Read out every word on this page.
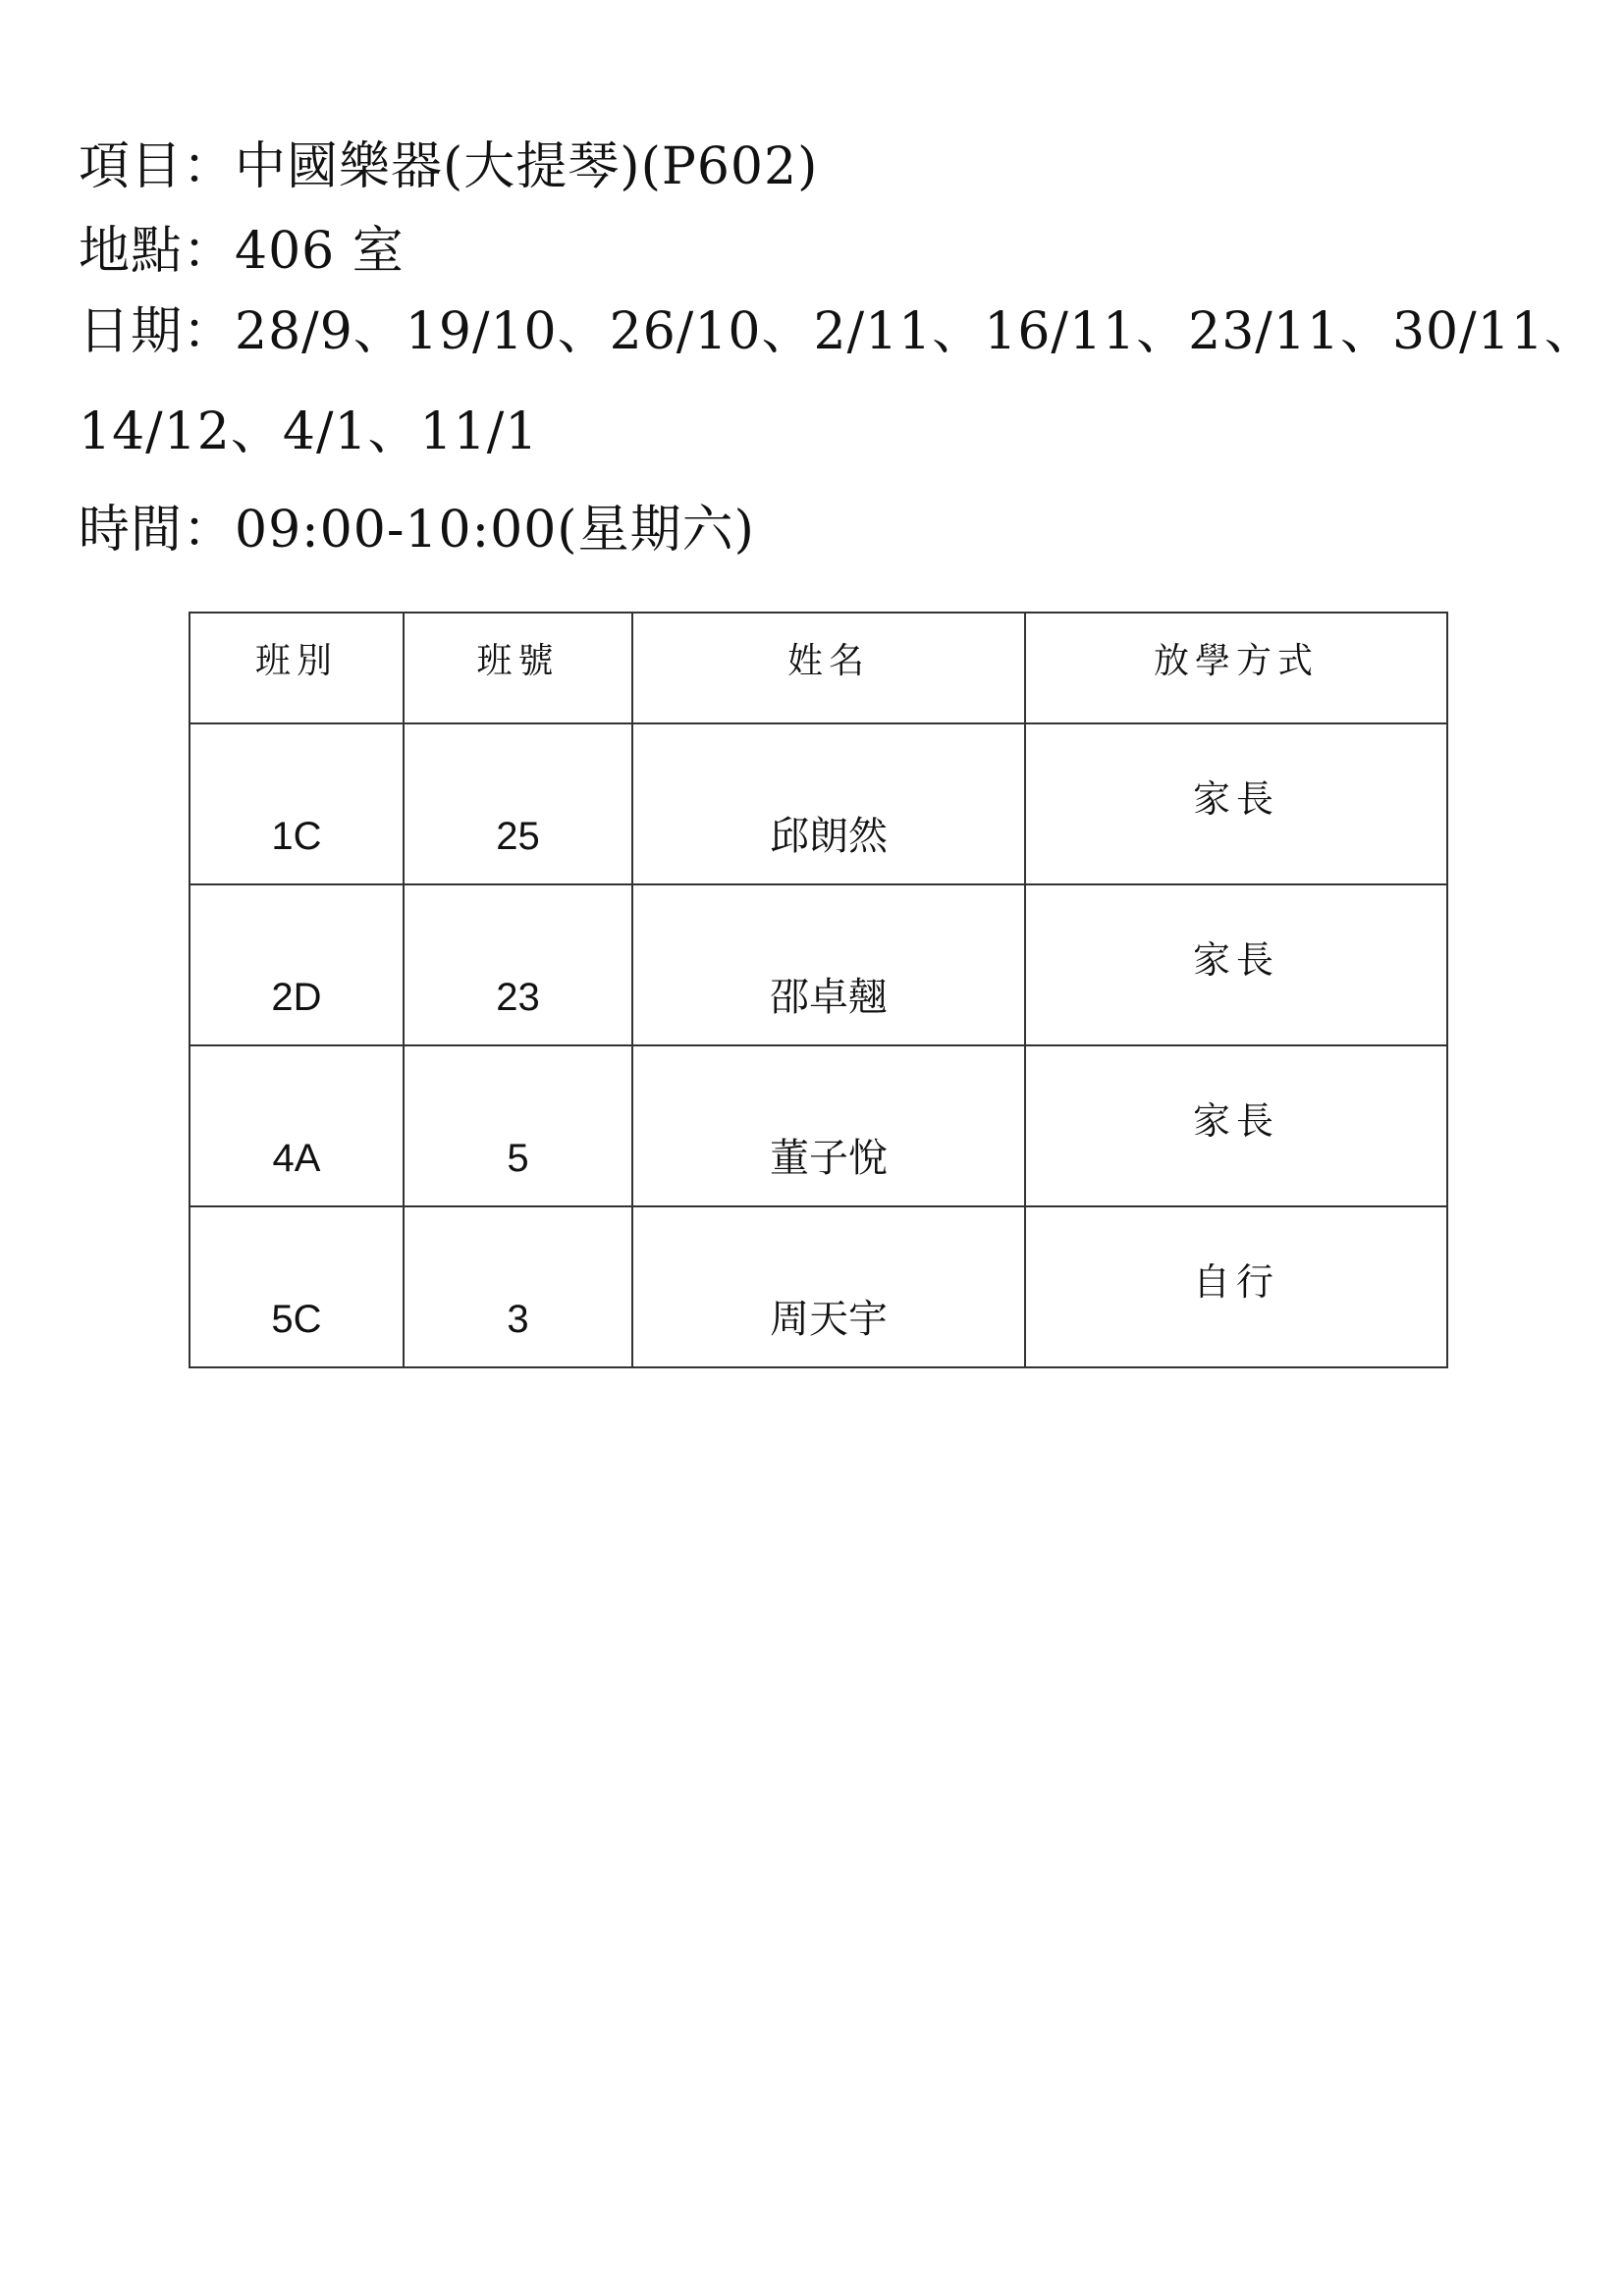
項目：中國樂器(大提琴)(P602)
地點：406 室
日期：28/9、19/10、26/10、2/11、16/11、23/11、30/11、
14/12、4/1、11/1
時間：09:00-10:00(星期六)
班別	班號	姓名	放學方式

1C	25	邱朗然	家長

2D	23	邵卓翹	家長

4A	5	董子悅	家長

5C	3	周天宇	自行
